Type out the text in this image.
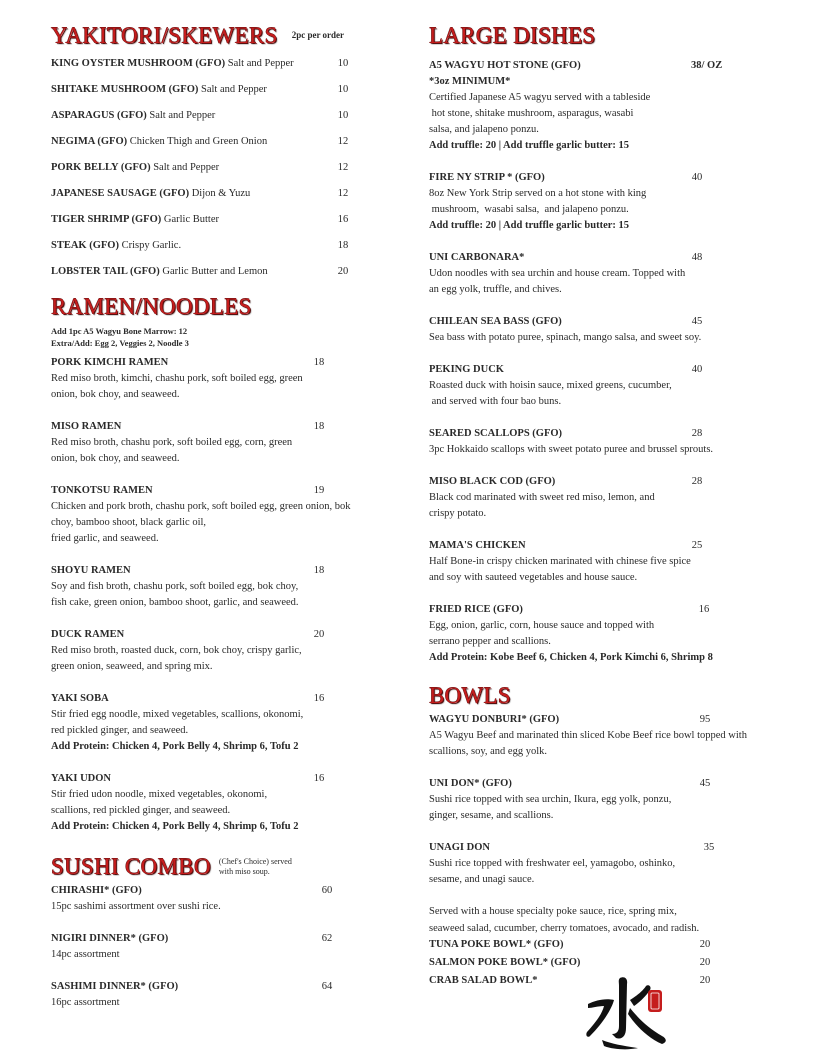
YAKITORI/SKEWERS 2pc per order
KING OYSTER MUSHROOM (GFO) Salt and Pepper	10
SHITAKE MUSHROOM (GFO) Salt and Pepper	10
ASPARAGUS (GFO) Salt and Pepper	10
NEGIMA (GFO) Chicken Thigh and Green Onion	12
PORK BELLY (GFO) Salt and Pepper	12
JAPANESE SAUSAGE (GFO) Dijon & Yuzu	12
TIGER SHRIMP (GFO) Garlic Butter	16
STEAK (GFO) Crispy Garlic.	18
LOBSTER TAIL (GFO) Garlic Butter and Lemon	20
RAMEN/NOODLES
Add 1pc A5 Wagyu Bone Marrow: 12
Extra/Add: Egg 2, Veggies 2, Noodle 3
PORK KIMCHI RAMEN	18
Red miso broth, kimchi, chashu pork, soft boiled egg, green
onion, bok choy, and seaweed.
MISO RAMEN	18
Red miso broth, chashu pork, soft boiled egg, corn, green
onion, bok choy, and seaweed.
TONKOTSU RAMEN	19
Chicken and pork broth, chashu pork, soft boiled egg, green onion, bok
choy, bamboo shoot, black garlic oil,
fried garlic, and seaweed.
SHOYU RAMEN	18
Soy and fish broth, chashu pork, soft boiled egg, bok choy,
fish cake, green onion, bamboo shoot, garlic, and seaweed.
DUCK RAMEN	20
Red miso broth, roasted duck, corn, bok choy, crispy garlic,
green onion, seaweed, and spring mix.
YAKI SOBA	16
Stir fried egg noodle, mixed vegetables, scallions, okonomi,
red pickled ginger, and seaweed.
Add Protein: Chicken 4, Pork Belly 4, Shrimp 6, Tofu 2
YAKI UDON	16
Stir fried udon noodle, mixed vegetables, okonomi,
scallions, red pickled ginger, and seaweed.
Add Protein: Chicken 4, Pork Belly 4, Shrimp 6, Tofu 2
SUSHI COMBO (Chef's Choice) served
with miso soup.
CHIRASHI* (GFO)	60
15pc sashimi assortment over sushi rice.
NIGIRI DINNER* (GFO)	62
14pc assortment
SASHIMI DINNER* (GFO)	64
16pc assortment
LARGE DISHES
A5 WAGYU HOT STONE (GFO)	38/ OZ
*3oz MINIMUM*
Certified Japanese A5 wagyu served with a tableside
hot stone, shitake mushroom, asparagus, wasabi
salsa, and jalapeno ponzu.
Add truffle: 20 | Add truffle garlic butter: 15
FIRE NY STRIP * (GFO)	40
8oz New York Strip served on a hot stone with king
mushroom,  wasabi salsa,  and jalapeno ponzu.
Add truffle: 20 | Add truffle garlic butter: 15
UNI CARBONARA*	48
Udon noodles with sea urchin and house cream. Topped with
an egg yolk, truffle, and chives.
CHILEAN SEA BASS (GFO)	45
Sea bass with potato puree, spinach, mango salsa, and sweet soy.
PEKING DUCK	40
Roasted duck with hoisin sauce, mixed greens, cucumber,
and served with four bao buns.
SEARED SCALLOPS (GFO)	28
3pc Hokkaido scallops with sweet potato puree and brussel sprouts.
MISO BLACK COD (GFO)	28
Black cod marinated with sweet red miso, lemon, and
crispy potato.
MAMA'S CHICKEN	25
Half Bone-in crispy chicken marinated with chinese five spice
and soy with sauteed vegetables and house sauce.
FRIED RICE (GFO)	16
Egg, onion, garlic, corn, house sauce and topped with
serrano pepper and scallions.
Add Protein: Kobe Beef 6, Chicken 4, Pork Kimchi 6, Shrimp 8
BOWLS
WAGYU DONBURI* (GFO)	95
A5 Wagyu Beef and marinated thin sliced Kobe Beef rice bowl topped with
scallions, soy, and egg yolk.
UNI DON* (GFO)	45
Sushi rice topped with sea urchin, Ikura, egg yolk, ponzu,
ginger, sesame, and scallions.
UNAGI DON	35
Sushi rice topped with freshwater eel, yamagobo, oshinko,
sesame, and unagi sauce.
Served with a house specialty poke sauce, rice, spring mix,
seaweed salad, cucumber, cherry tomatoes, avocado, and radish.
TUNA POKE BOWL* (GFO)	20
SALMON POKE BOWL* (GFO)	20
CRAB SALAD BOWL*	20
